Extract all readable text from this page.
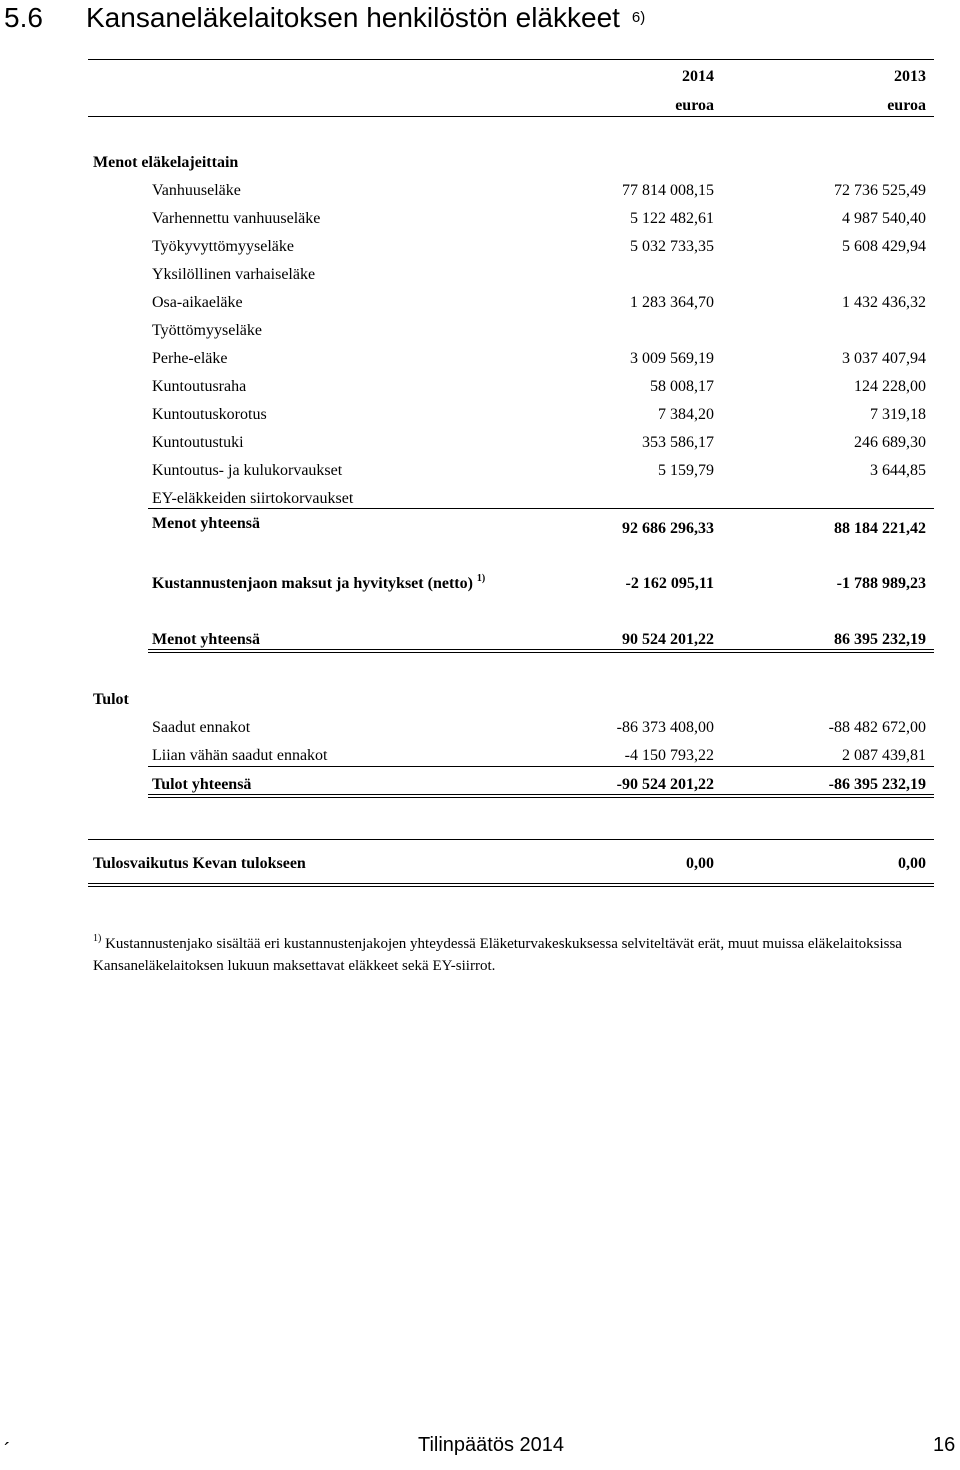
5.6 Kansaneläkelaitoksen henkilöstön eläkkeet $^{6)}$
2014	2013
euroa	euroa
Menot eläkelajeittain
Vanhuuseläke	77 814 008,15	72 736 525,49
Varhennettu vanhuuseläke	5 122 482,61	4 987 540,40
Työkyvyttömyyseläke	5 032 733,35	5 608 429,94
Yksilöllinen varhaiseläke
Osa-aikaeläke	1 283 364,70	1 432 436,32
Työttömyyseläke
Perhe-eläke	3 009 569,19	3 037 407,94
Kuntoutusraha	58 008,17	124 228,00
Kuntoutuskorotus	7 384,20	7 319,18
Kuntoutustuki	353 586,17	246 689,30
Kuntoutus- ja kulukorvaukset	5 159,79	3 644,85
EY-eläkkeiden siirtokorvaukset
Menot yhteensä	92 686 296,33	88 184 221,42
Kustannustenjaon maksut ja hyvitykset (netto) $^{1)}$	-2 162 095,11	-1 788 989,23
Menot yhteensä	90 524 201,22	86 395 232,19
Tulot
Saadut ennakot	-86 373 408,00	-88 482 672,00
Liian vähän saadut ennakot	-4 150 793,22	2 087 439,81
Tulot yhteensä	-90 524 201,22	-86 395 232,19
Tulosvaikutus Kevan tulokseen	0,00	0,00
$^{1)}$ Kustannustenjako sisältää eri kustannustenjakojen yhteydessä Eläketurvakeskuksessa selviteltävät erät, muut muissa eläkelaitoksissa Kansaneläkelaitoksen lukuun maksettavat eläkkeet sekä EY-siirrot.
´	Tilinpäätös 2014	16
